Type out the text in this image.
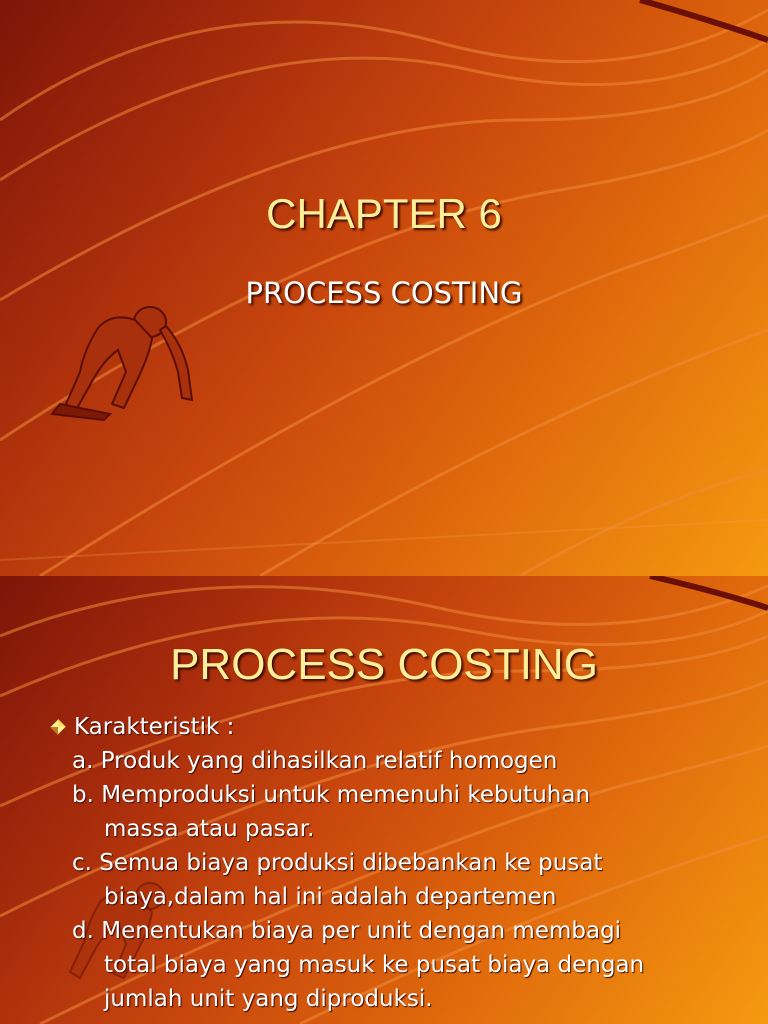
CHAPTER 6
PROCESS COSTING
PROCESS COSTING
Karakteristik :
a. Produk yang dihasilkan relatif homogen
b. Memproduksi untuk memenuhi kebutuhan
massa atau pasar.
c. Semua biaya produksi dibebankan ke pusat
biaya,dalam hal ini adalah departemen
d. Menentukan biaya per unit dengan membagi
total biaya yang masuk ke pusat biaya dengan
jumlah unit yang diproduksi.
